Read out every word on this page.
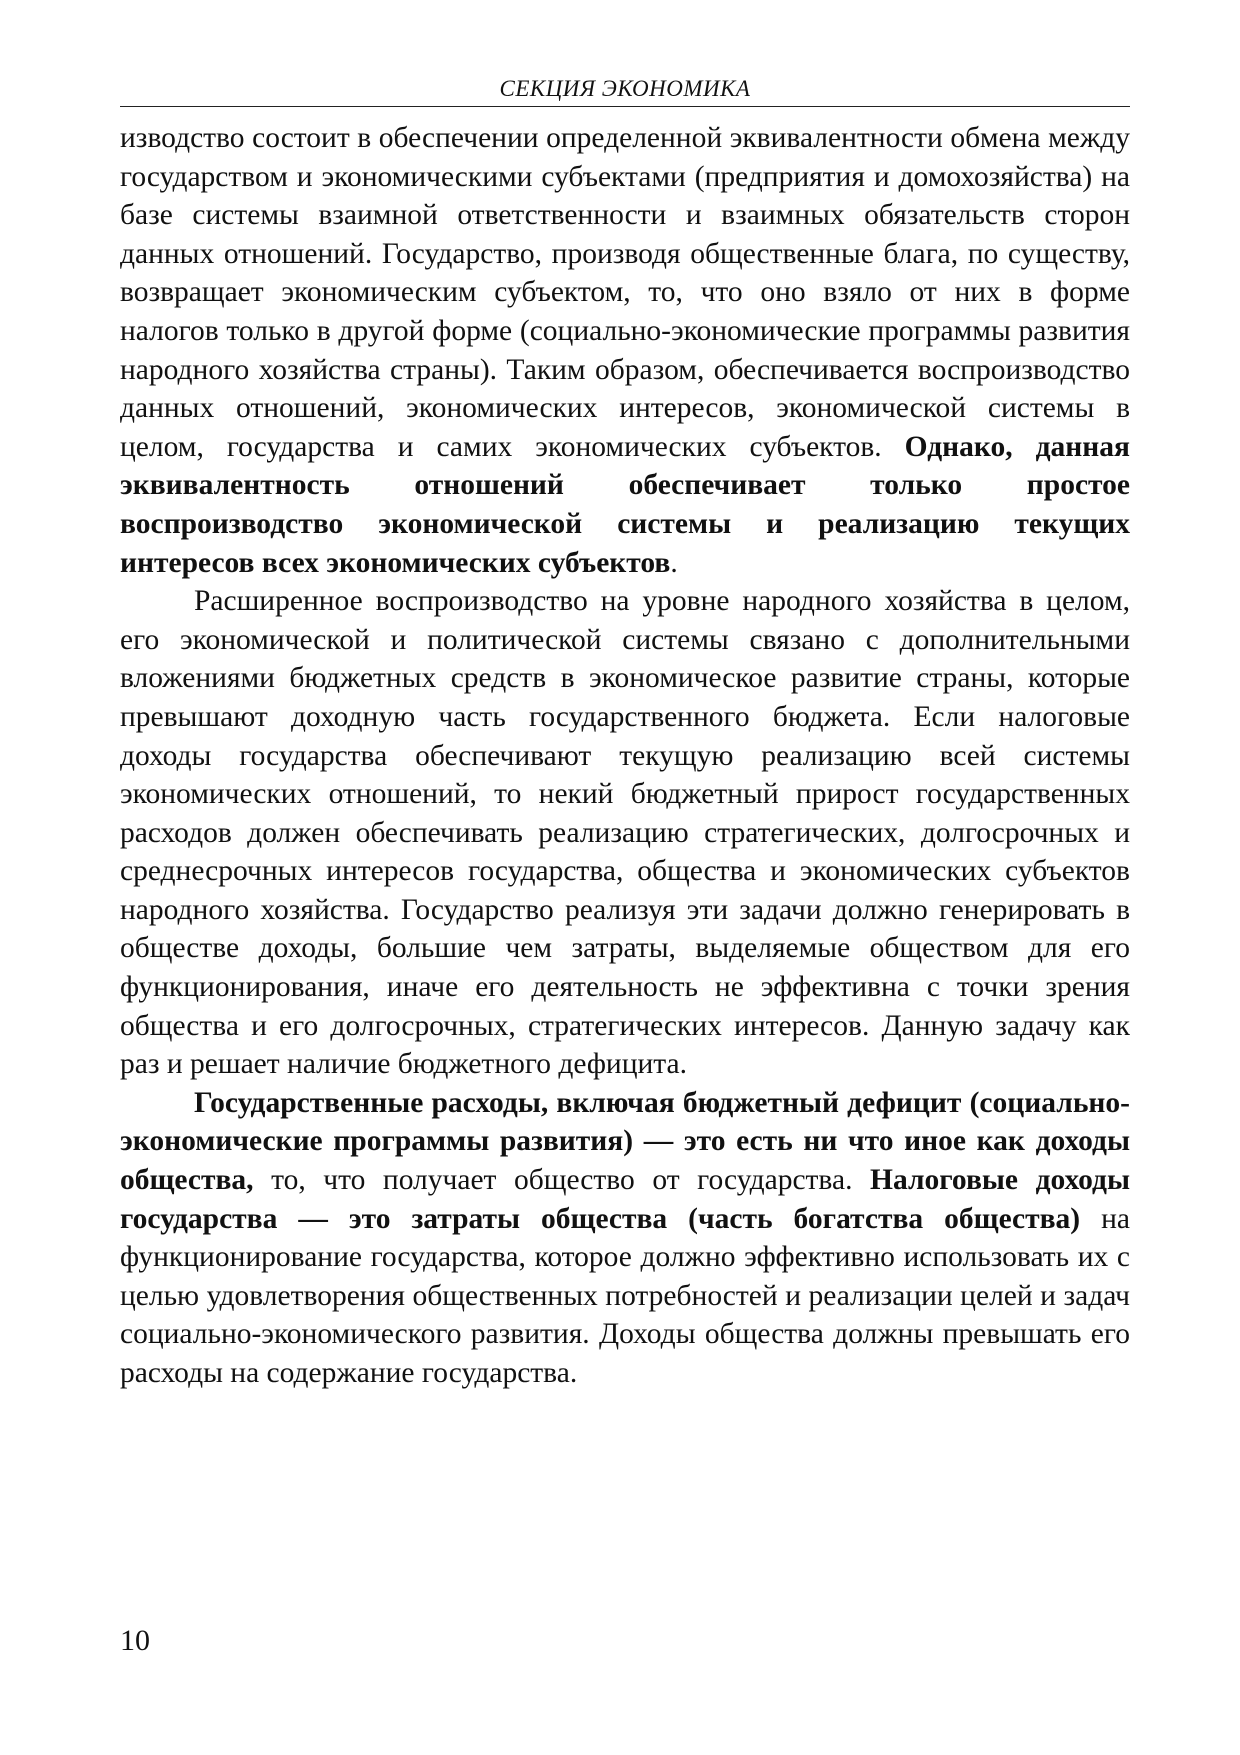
СЕКЦИЯ ЭКОНОМИКА

изводство состоит в обеспечении определенной эквивалентности обмена между государством и экономическими субъектами (предприятия и домохозяйства) на базе системы взаимной ответственности и взаимных обязательств сторон данных отношений. Государство, производя общественные блага, по существу, возвращает экономическим субъектом, то, что оно взяло от них в форме налогов только в другой форме (социально-экономические программы развития народного хозяйства страны). Таким образом, обеспечивается воспроизводство данных отношений, экономических интересов, экономической системы в целом, государства и самих экономических субъектов. Однако, данная эквивалентность отношений обеспечивает только простое воспроизводство экономической системы и реализацию текущих интересов всех экономических субъектов.

Расширенное воспроизводство на уровне народного хозяйства в целом, его экономической и политической системы связано с дополнительными вложениями бюджетных средств в экономическое развитие страны, которые превышают доходную часть государственного бюджета. Если налоговые доходы государства обеспечивают текущую реализацию всей системы экономических отношений, то некий бюджетный прирост государственных расходов должен обеспечивать реализацию стратегических, долгосрочных и среднесрочных интересов государства, общества и экономических субъектов народного хозяйства. Государство реализуя эти задачи должно генерировать в обществе доходы, большие чем затраты, выделяемые обществом для его функционирования, иначе его деятельность не эффективна с точки зрения общества и его долгосрочных, стратегических интересов. Данную задачу как раз и решает наличие бюджетного дефицита.

Государственные расходы, включая бюджетный дефицит (социально-экономические программы развития) — это есть ни что иное как доходы общества, то, что получает общество от государства. Налоговые доходы государства — это затраты общества (часть богатства общества) на функционирование государства, которое должно эффективно использовать их с целью удовлетворения общественных потребностей и реализации целей и задач социально-экономического развития. Доходы общества должны превышать его расходы на содержание государства.

10
